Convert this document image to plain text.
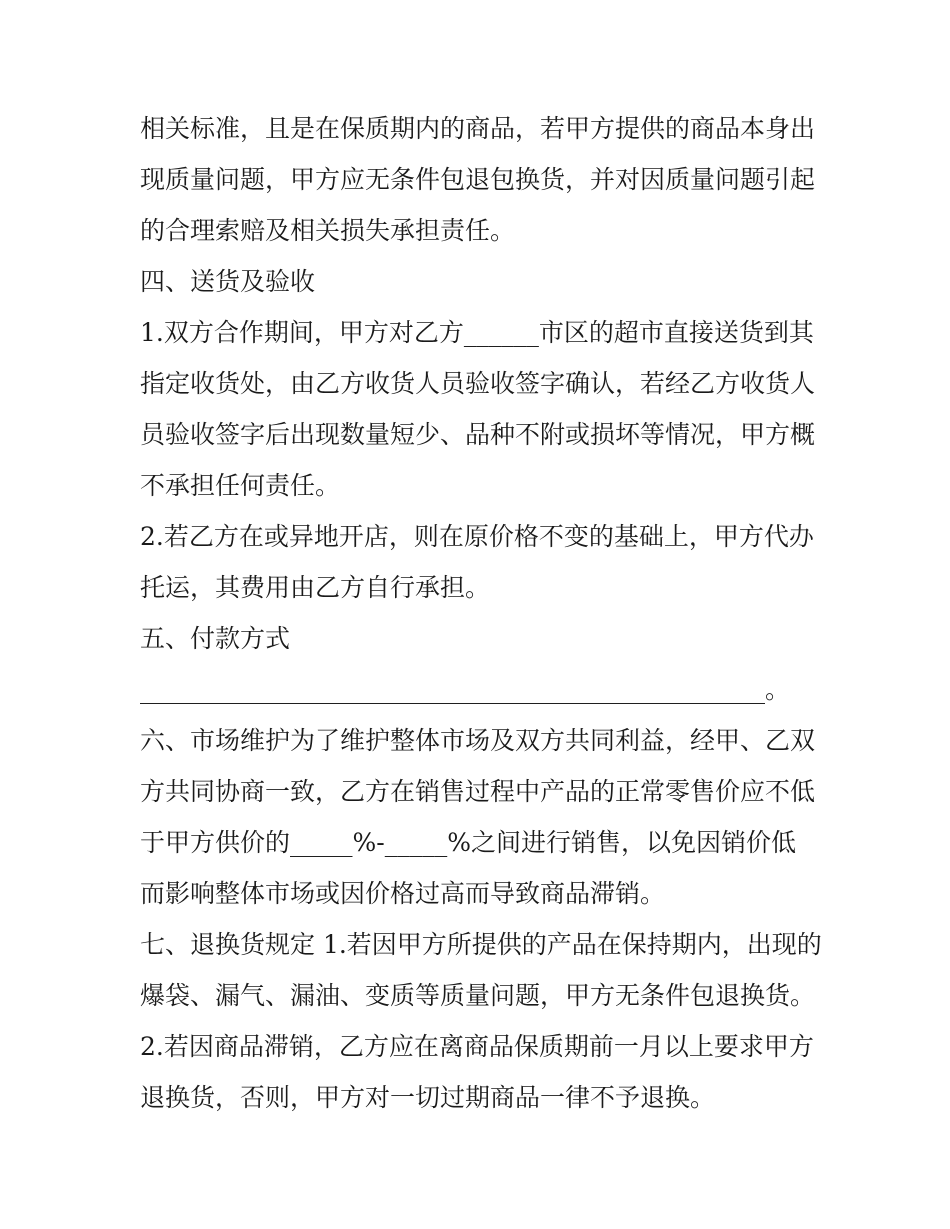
相关标准，且是在保质期内的商品，若甲方提供的商品本身出
现质量问题，甲方应无条件包退包换货，并对因质量问题引起
的合理索赔及相关损失承担责任。
四、送货及验收
1.双方合作期间，甲方对乙方______市区的超市直接送货到其
指定收货处，由乙方收货人员验收签字确认，若经乙方收货人
员验收签字后出现数量短少、品种不附或损坏等情况，甲方概
不承担任何责任。
2.若乙方在或异地开店，则在原价格不变的基础上，甲方代办
托运，其费用由乙方自行承担。
五、付款方式
__________________________________________________。
六、市场维护为了维护整体市场及双方共同利益，经甲、乙双
方共同协商一致，乙方在销售过程中产品的正常零售价应不低
于甲方供价的_____%-_____%之间进行销售，以免因销价低
而影响整体市场或因价格过高而导致商品滞销。
七、退换货规定 1.若因甲方所提供的产品在保持期内，出现的
爆袋、漏气、漏油、变质等质量问题，甲方无条件包退换货。
2.若因商品滞销，乙方应在离商品保质期前一月以上要求甲方
退换货，否则，甲方对一切过期商品一律不予退换。
